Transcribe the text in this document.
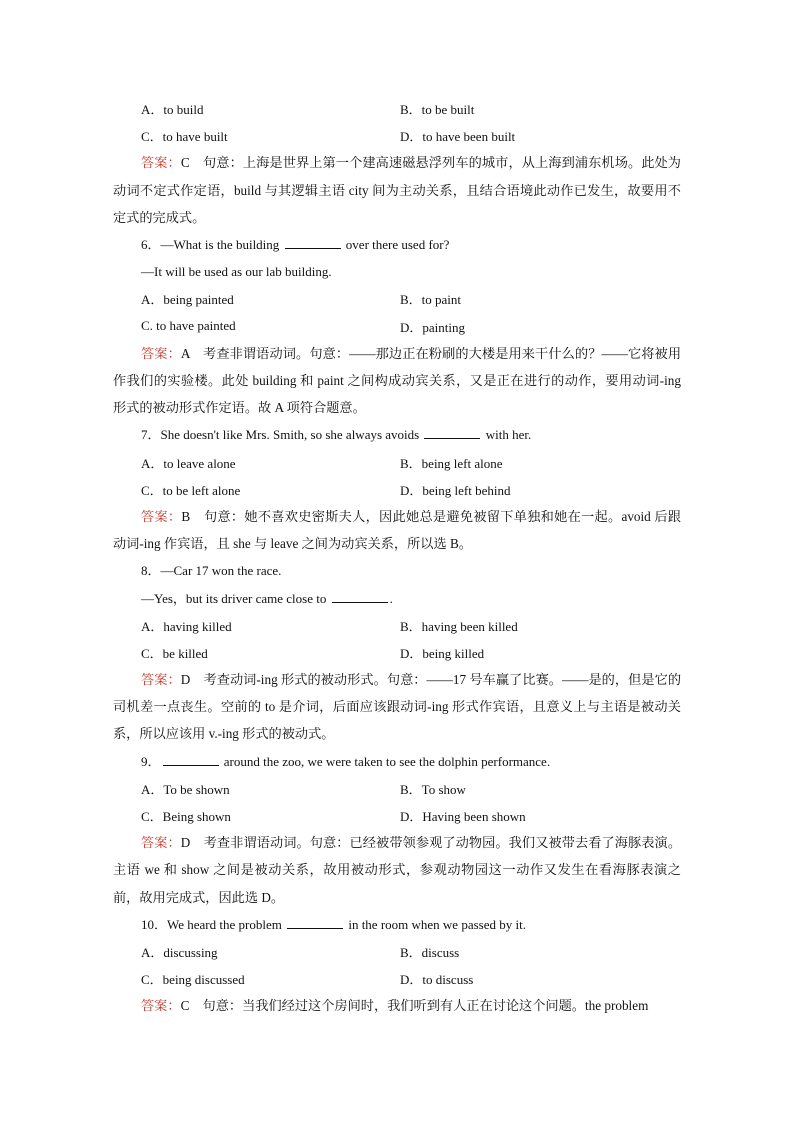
A．to build	B．to be built
C．to have built	D．to have been built

答案：C　句意：上海是世界上第一个建高速磁悬浮列车的城市，从上海到浦东机场。此处为动词不定式作定语，build 与其逻辑主语 city 间为主动关系，且结合语境此动作已发生，故要用不定式的完成式。

6．—What is the building	over there used for?
—It will be used as our lab building.
A．being painted	B．to paint
C. to have painted	D．painting

答案：A　考查非谓语动词。句意：——那边正在粉刷的大楼是用来干什么的？——它将被用作我们的实验楼。此处 building 和 paint 之间构成动宾关系，又是正在进行的动作，要用动词-ing 形式的被动形式作定语。故 A 项符合题意。

7．She doesn't like Mrs. Smith, so she always avoids	with her.
A．to leave alone	B．being left alone
C．to be left alone	D．being left behind

答案：B　句意：她不喜欢史密斯夫人，因此她总是避免被留下单独和她在一起。avoid 后跟动词-ing 作宾语，且 she 与 leave 之间为动宾关系，所以选 B。

8．—Car 17 won the race.
—Yes，but its driver came close to	.
A．having killed	B．having been killed
C．be killed	D．being killed

答案：D　考查动词-ing 形式的被动形式。句意：——17 号车赢了比赛。——是的，但是它的司机差一点丧生。空前的 to 是介词，后面应该跟动词-ing 形式作宾语，且意义上与主语是被动关系，所以应该用 v.-ing 形式的被动式。

9．	around the zoo, we were taken to see the dolphin performance.
A．To be shown	B．To show
C．Being shown	D．Having been shown

答案：D　考查非谓语动词。句意：已经被带领参观了动物园。我们又被带去看了海豚表演。主语 we 和 show 之间是被动关系，故用被动形式，参观动物园这一动作又发生在看海豚表演之前，故用完成式，因此选 D。

10．We heard the problem	in the room when we passed by it.
A．discussing	B．discuss
C．being discussed	D．to discuss

答案：C　句意：当我们经过这个房间时，我们听到有人正在讨论这个问题。the problem
